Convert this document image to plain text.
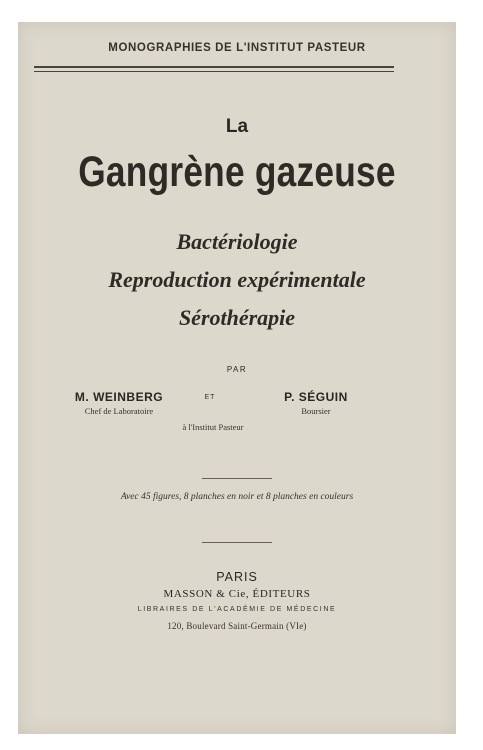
MONOGRAPHIES DE L'INSTITUT PASTEUR
La
Gangrène gazeuse
Bactériologie
Reproduction expérimentale
Sérothérapie
PAR
M. WEINBERG
Chef de Laboratoire
ET	P. SÉGUIN
Boursier
à l'Institut Pasteur
Avec 45 figures, 8 planches en noir et 8 planches en couleurs
PARIS
MASSON & Cie, ÉDITEURS
LIBRAIRES DE L'ACADÉMIE DE MÉDECINE
120, Boulevard Saint-Germain (VIe)
